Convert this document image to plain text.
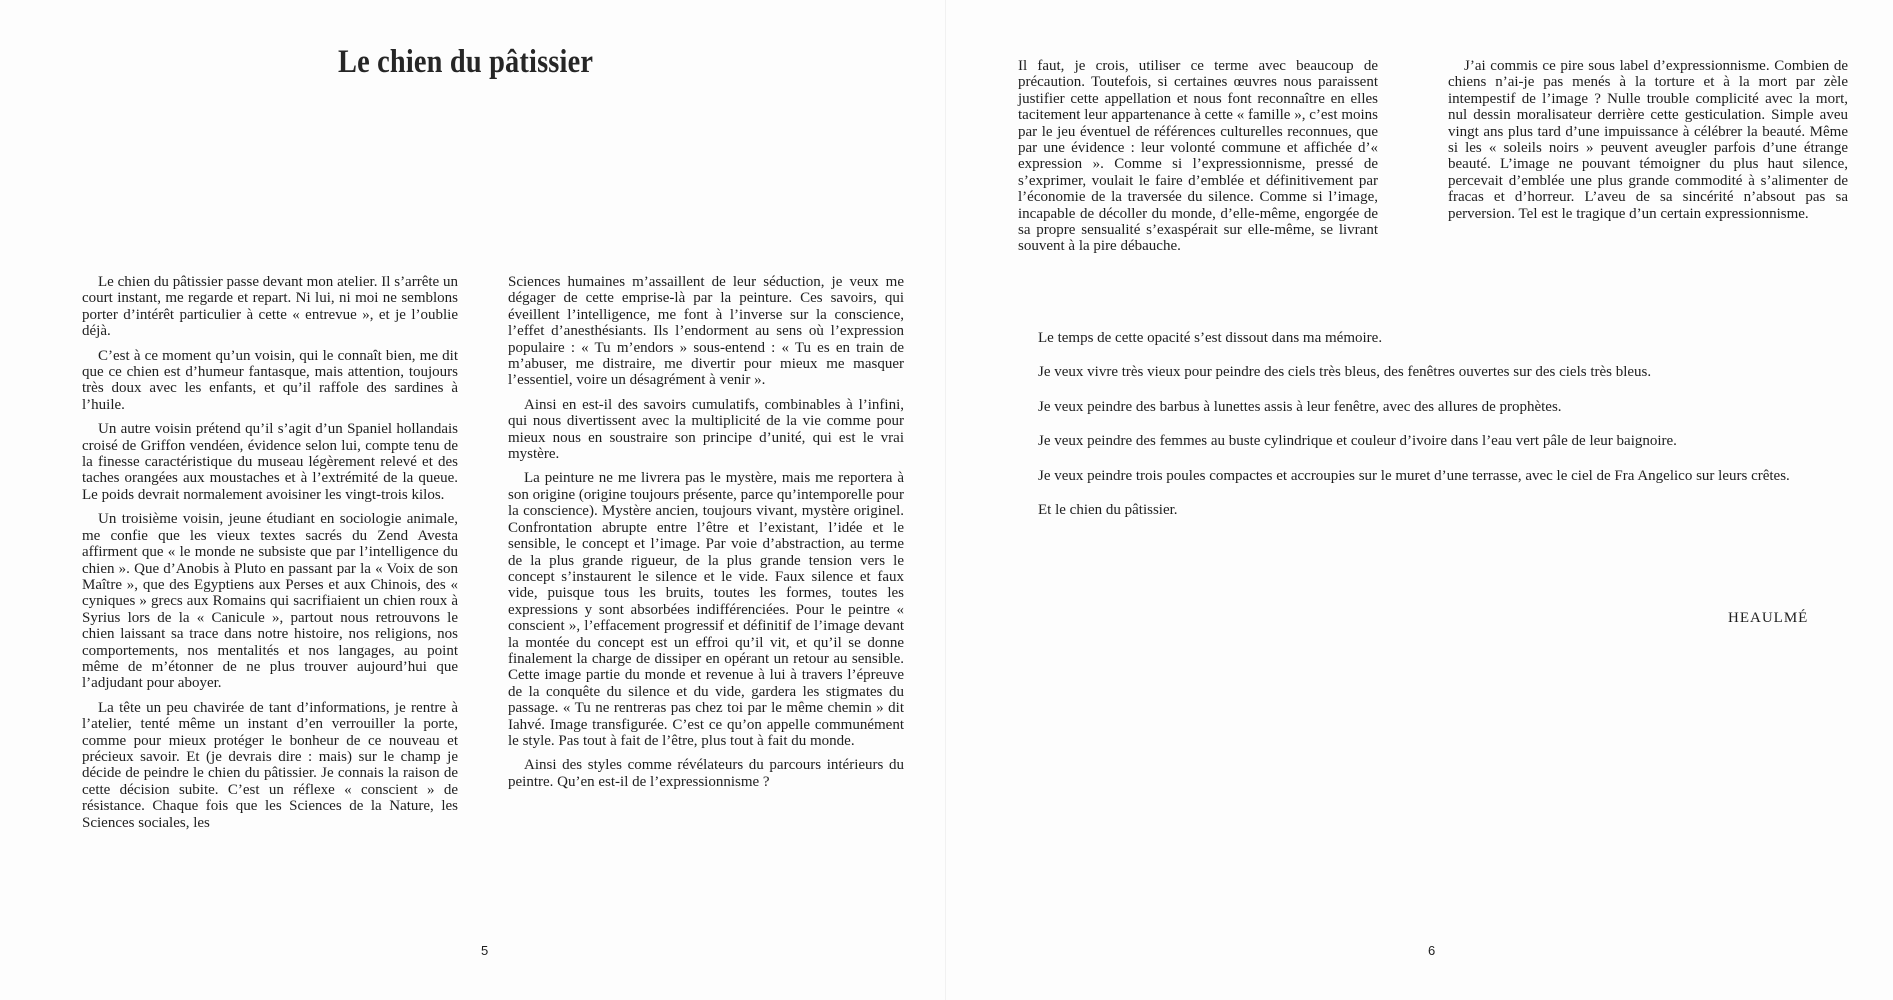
Le chien du pâtissier

Le chien du pâtissier passe devant mon atelier. Il s’arrête un court instant, me regarde et repart. Ni lui, ni moi ne semblons porter d’intérêt particulier à cette « entrevue », et je l’oublie déjà.

C’est à ce moment qu’un voisin, qui le connaît bien, me dit que ce chien est d’humeur fantasque, mais attention, toujours très doux avec les enfants, et qu’il raffole des sardines à l’huile.

Un autre voisin prétend qu’il s’agit d’un Spaniel hollandais croisé de Griffon vendéen, évidence selon lui, compte tenu de la finesse caractéristique du museau légèrement relevé et des taches orangées aux moustaches et à l’extrémité de la queue. Le poids devrait normalement avoisiner les vingt-trois kilos.

Un troisième voisin, jeune étudiant en sociologie animale, me confie que les vieux textes sacrés du Zend Avesta affirment que « le monde ne subsiste que par l’intelligence du chien ». Que d’Anobis à Pluto en passant par la « Voix de son Maître », que des Egyptiens aux Perses et aux Chinois, des « cyniques » grecs aux Romains qui sacrifiaient un chien roux à Syrius lors de la « Canicule », partout nous retrouvons le chien laissant sa trace dans notre histoire, nos religions, nos comportements, nos mentalités et nos langages, au point même de m’étonner de ne plus trouver aujourd’hui que l’adjudant pour aboyer.

La tête un peu chavirée de tant d’informations, je rentre à l’atelier, tenté même un instant d’en verrouiller la porte, comme pour mieux protéger le bonheur de ce nouveau et précieux savoir. Et (je devrais dire : mais) sur le champ je décide de peindre le chien du pâtissier. Je connais la raison de cette décision subite. C’est un réflexe « conscient » de résistance. Chaque fois que les Sciences de la Nature, les Sciences sociales, les

Sciences humaines m’assaillent de leur séduction, je veux me dégager de cette emprise-là par la peinture. Ces savoirs, qui éveillent l’intelligence, me font à l’inverse sur la conscience, l’effet d’anesthésiants. Ils l’endorment au sens où l’expression populaire : « Tu m’endors » sous-entend : « Tu es en train de m’abuser, me distraire, me divertir pour mieux me masquer l’essentiel, voire un désagrément à venir ».

Ainsi en est-il des savoirs cumulatifs, combinables à l’infini, qui nous divertissent avec la multiplicité de la vie comme pour mieux nous en soustraire son principe d’unité, qui est le vrai mystère.

La peinture ne me livrera pas le mystère, mais me reportera à son origine (origine toujours présente, parce qu’intemporelle pour la conscience). Mystère ancien, toujours vivant, mystère originel. Confrontation abrupte entre l’être et l’existant, l’idée et le sensible, le concept et l’image. Par voie d’abstraction, au terme de la plus grande rigueur, de la plus grande tension vers le concept s’instaurent le silence et le vide. Faux silence et faux vide, puisque tous les bruits, toutes les formes, toutes les expressions y sont absorbées indifférenciées. Pour le peintre « conscient », l’effacement progressif et définitif de l’image devant la montée du concept est un effroi qu’il vit, et qu’il se donne finalement la charge de dissiper en opérant un retour au sensible. Cette image partie du monde et revenue à lui à travers l’épreuve de la conquête du silence et du vide, gardera les stigmates du passage. « Tu ne rentreras pas chez toi par le même chemin » dit Iahvé. Image transfigurée. C’est ce qu’on appelle communément le style. Pas tout à fait de l’être, plus tout à fait du monde.

Ainsi des styles comme révélateurs du parcours intérieurs du peintre. Qu’en est-il de l’expressionnisme ?

5	6

Il faut, je crois, utiliser ce terme avec beaucoup de précaution. Toutefois, si certaines œuvres nous paraissent justifier cette appellation et nous font reconnaître en elles tacitement leur appartenance à cette « famille », c’est moins par le jeu éventuel de références culturelles reconnues, que par une évidence : leur volonté commune et affichée d’« expression ». Comme si l’expressionnisme, pressé de s’exprimer, voulait le faire d’emblée et définitivement par l’économie de la traversée du silence. Comme si l’image, incapable de décoller du monde, d’elle-même, engorgée de sa propre sensualité s’exaspérait sur elle-même, se livrant souvent à la pire débauche.

J’ai commis ce pire sous label d’expressionnisme. Combien de chiens n’ai-je pas menés à la torture et à la mort par zèle intempestif de l’image ? Nulle trouble complicité avec la mort, nul dessin moralisateur derrière cette gesticulation. Simple aveu vingt ans plus tard d’une impuissance à célébrer la beauté. Même si les « soleils noirs » peuvent aveugler parfois d’une étrange beauté. L’image ne pouvant témoigner du plus haut silence, percevait d’emblée une plus grande commodité à s’alimenter de fracas et d’horreur. L’aveu de sa sincérité n’absout pas sa perversion. Tel est le tragique d’un certain expressionnisme.

Le temps de cette opacité s’est dissout dans ma mémoire.

Je veux vivre très vieux pour peindre des ciels très bleus, des fenêtres ouvertes sur des ciels très bleus.

Je veux peindre des barbus à lunettes assis à leur fenêtre, avec des allures de prophètes.

Je veux peindre des femmes au buste cylindrique et couleur d’ivoire dans l’eau vert pâle de leur baignoire.

Je veux peindre trois poules compactes et accroupies sur le muret d’une terrasse, avec le ciel de Fra Angelico sur leurs crêtes.

Et le chien du pâtissier.

HEAULMÉ
